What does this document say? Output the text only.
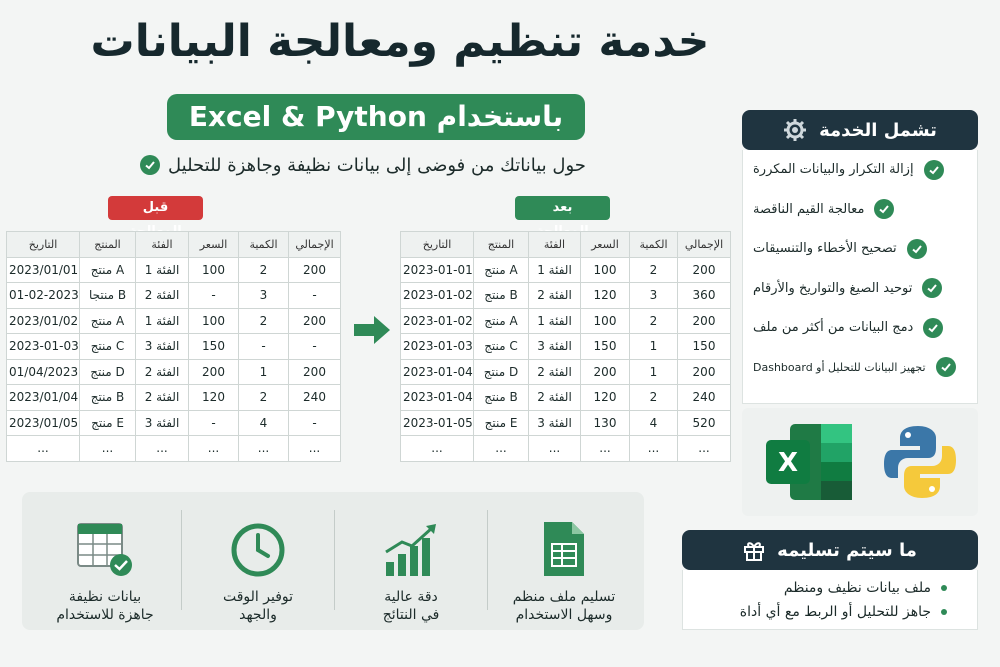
خدمة تنظيم ومعالجة البيانات
باستخدام Excel & Python
حول بياناتك من فوضى إلى بيانات نظيفة وجاهزة للتحليل
قبل	بعد
التاريخ	المنتج	الفئة	السعر	الكمية	الإجمالي
2023/01/01	منتج A	الفئة 1	100	2	200
01-02-2023	منتجا B	الفئة 2	-	3	-
2023/01/02	منتج A	الفئة 1	100	2	200
2023-01-03	منتج C	الفئة 3	150	-	-
01/04/2023	منتج D	الفئة 2	200	1	200
2023/01/04	منتج B	الفئة 2	120	2	240
2023/01/05	منتج E	الفئة 3	-	4	-
...	...	...	...	...	...
التاريخ	المنتج	الفئة	السعر	الكمية	الإجمالي
2023-01-01	منتج A	الفئة 1	100	2	200
2023-01-02	منتج B	الفئة 2	120	3	360
2023-01-02	منتج A	الفئة 1	100	2	200
2023-01-03	منتج C	الفئة 3	150	1	150
2023-01-04	منتج D	الفئة 2	200	1	200
2023-01-04	منتج B	الفئة 2	120	2	240
2023-01-05	منتج E	الفئة 3	130	4	520
...	...	...	...	...	...
تشمل الخدمة
إزالة التكرار والبيانات المكررة
معالجة القيم الناقصة
تصحيح الأخطاء والتنسيقات
توحيد الصيغ والتواريخ والأرقام
دمج البيانات من أكثر من ملف
تجهيز البيانات للتحليل أو Dashboard
X
ما سيتم تسليمه
ملف بيانات نظيف ومنظم
جاهز للتحليل أو الربط مع أي أداة
بيانات نظيفة
جاهزة للاستخدام
توفير الوقت
والجهد
دقة عالية
في النتائج
تسليم ملف منظم
وسهل الاستخدام
